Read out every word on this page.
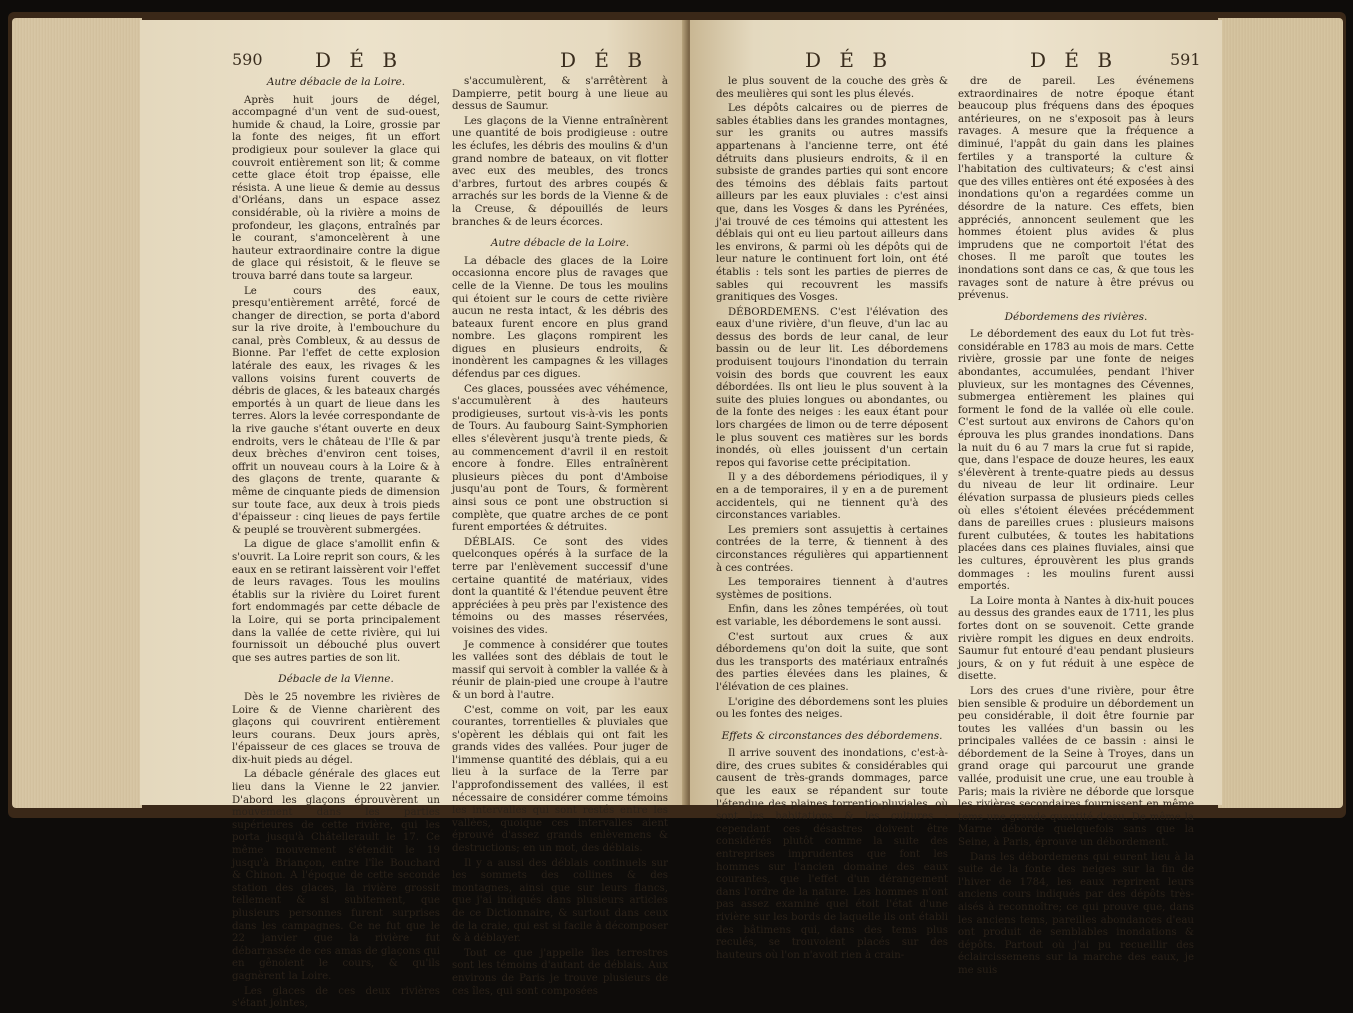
590	D É B	D É B

Autre débacle de la Loire.

Après huit jours de dégel, accompagné d'un vent de sud-ouest, humide & chaud, la Loire, grossie par la fonte des neiges, fit un effort prodigieux pour soulever la glace qui couvroit entièrement son lit; & comme cette glace étoit trop épaisse, elle résista. A une lieue & demie au dessus d'Orléans, dans un espace assez considérable, où la rivière a moins de profondeur, les glaçons, entraînés par le courant, s'amoncelèrent à une hauteur extraordinaire contre la digue de glace qui résistoit, & le fleuve se trouva barré dans toute sa largeur.

Le cours des eaux, presqu'entièrement arrêté, forcé de changer de direction, se porta d'abord sur la rive droite, à l'embouchure du canal, près Combleux, & au dessus de Bionne. Par l'effet de cette explosion latérale des eaux, les rivages & les vallons voisins furent couverts de débris de glaces, & les bateaux chargés emportés à un quart de lieue dans les terres. Alors la levée correspondante de la rive gauche s'étant ouverte en deux endroits, vers le château de l'Ile & par deux brèches d'environ cent toises, offrit un nouveau cours à la Loire & à des glaçons de trente, quarante & même de cinquante pieds de dimension sur toute face, aux deux à trois pieds d'épaisseur : cinq lieues de pays fertile & peuplé se trouvèrent submergées.

La digue de glace s'amollit enfin & s'ouvrit. La Loire reprit son cours, & les eaux en se retirant laissèrent voir l'effet de leurs ravages. Tous les moulins établis sur la rivière du Loiret furent fort endommagés par cette débacle de la Loire, qui se porta principalement dans la vallée de cette rivière, qui lui fournissoit un débouché plus ouvert que ses autres parties de son lit.

Débacle de la Vienne.

Dès le 25 novembre les rivières de Loire & de Vienne charièrent des glaçons qui couvrirent entièrement leurs courans. Deux jours après, l'épaisseur de ces glaces se trouva de dix-huit pieds au dégel.

La débacle générale des glaces eut lieu dans la Vienne le 22 janvier. D'abord les glaçons éprouvèrent un mouvement dans les parties supérieures de cette rivière, qui les porta jusqu'à Châtellerault le 17. Ce même mouvement s'étendit le 19 jusqu'à Briançon, entre l'île Bouchard & Chinon. A l'époque de cette seconde station des glaces, la rivière grossit tellement & si subitement, que plusieurs personnes furent surprises dans les campagnes. Ce ne fut que le 22 janvier que la rivière fut débarrassée de ces amas de glaçons qui en gênoient le cours, & qu'ils gagnèrent la Loire.

Les glaces de ces deux rivières s'étant jointes,

s'accumulèrent, & s'arrêtèrent à Dampierre, petit bourg à une lieue au dessus de Saumur.

Les glaçons de la Vienne entraînèrent une quantité de bois prodigieuse : outre les éclufes, les débris des moulins & d'un grand nombre de bateaux, on vit flotter avec eux des meubles, des troncs d'arbres, furtout des arbres coupés & arrachés sur les bords de la Vienne & de la Creuse, & dépouillés de leurs branches & de leurs écorces.

Autre débacle de la Loire.

La débacle des glaces de la Loire occasionna encore plus de ravages que celle de la Vienne. De tous les moulins qui étoient sur le cours de cette rivière aucun ne resta intact, & les débris des bateaux furent encore en plus grand nombre. Les glaçons rompirent les digues en plusieurs endroits, & inondèrent les campagnes & les villages défendus par ces digues.

Ces glaces, poussées avec véhémence, s'accumulèrent à des hauteurs prodigieuses, surtout vis-à-vis les ponts de Tours. Au faubourg Saint-Symphorien elles s'élevèrent jusqu'à trente pieds, & au commencement d'avril il en restoit encore à fondre. Elles entraînèrent plusieurs pièces du pont d'Amboise jusqu'au pont de Tours, & formèrent ainsi sous ce pont une obstruction si complète, que quatre arches de ce pont furent emportées & détruites.

DÉBLAIS. Ce sont des vides quelconques opérés à la surface de la terre par l'enlèvement successif d'une certaine quantité de matériaux, vides dont la quantité & l'étendue peuvent être appréciées à peu près par l'existence des témoins ou des masses réservées, voisines des vides.

Je commence à considérer que toutes les vallées sont des déblais de tout le massif qui servoit à combler la vallée & à réunir de plain-pied une croupe à l'autre & un bord à l'autre.

C'est, comme on voit, par les eaux courantes, torrentielles & pluviales que s'opèrent les déblais qui ont fait les grands vides des vallées. Pour juger de l'immense quantité des déblais, qui a eu lieu à la surface de la Terre par l'approfondissement des vallées, il est nécessaire de considérer comme témoins les intervalles qui sont restés entre les vallées, quoique ces intervalles aient éprouvé d'assez grands enlèvemens & destructions; en un mot, des déblais.

Il y a aussi des déblais continuels sur les sommets des collines & des montagnes, ainsi que sur leurs flancs, que j'ai indiqués dans plusieurs articles de ce Dictionnaire, & surtout dans ceux de la craie, qui est si facile à décomposer & à déblayer.

Tout ce que j'appelle îles terrestres sont les témoins d'autant de déblais. Aux environs de Paris je trouve plusieurs de ces îles, qui sont composées

D É B	D É B	591

le plus souvent de la couche des grès & des meulières qui sont les plus élevés.

Les dépôts calcaires ou de pierres de sables établies dans les grandes montagnes, sur les granits ou autres massifs appartenans à l'ancienne terre, ont été détruits dans plusieurs endroits, & il en subsiste de grandes parties qui sont encore des témoins des déblais faits partout ailleurs par les eaux pluviales : c'est ainsi que, dans les Vosges & dans les Pyrénées, j'ai trouvé de ces témoins qui attestent les déblais qui ont eu lieu partout ailleurs dans les environs, & parmi où les dépôts qui de leur nature le continuent fort loin, ont été établis : tels sont les parties de pierres de sables qui recouvrent les massifs granitiques des Vosges.

DÉBORDEMENS. C'est l'élévation des eaux d'une rivière, d'un fleuve, d'un lac au dessus des bords de leur canal, de leur bassin ou de leur lit. Les débordemens produisent toujours l'inondation du terrain voisin des bords que couvrent les eaux débordées. Ils ont lieu le plus souvent à la suite des pluies longues ou abondantes, ou de la fonte des neiges : les eaux étant pour lors chargées de limon ou de terre déposent le plus souvent ces matières sur les bords inondés, où elles jouissent d'un certain repos qui favorise cette précipitation.

Il y a des débordemens périodiques, il y en a de temporaires, il y en a de purement accidentels, qui ne tiennent qu'à des circonstances variables.

Les premiers sont assujettis à certaines contrées de la terre, & tiennent à des circonstances régulières qui appartiennent à ces contrées.

Les temporaires tiennent à d'autres systèmes de positions.

Enfin, dans les zônes tempérées, où tout est variable, les débordemens le sont aussi.

C'est surtout aux crues & aux débordemens qu'on doit la suite, que sont dus les transports des matériaux entraînés des parties élevées dans les plaines, & l'élévation de ces plaines.

L'origine des débordemens sont les pluies ou les fontes des neiges.

Effets & circonstances des débordemens.

Il arrive souvent des inondations, c'est-à-dire, des crues subites & considérables qui causent de très-grands dommages, parce que les eaux se répandent sur toute l'étendue des plaines torrentio-pluviales, où sont les habitations & les cultures : cependant ces désastres doivent être considérés plutôt comme la suite des entreprises imprudentes que font les hommes sur l'ancien domaine des eaux courantes, que l'effet d'un dérangement dans l'ordre de la nature. Les hommes n'ont pas assez examiné quel étoit l'état d'une rivière sur les bords de laquelle ils ont établi des bâtimens qui, dans des tems plus reculés, se trouvoient placés sur des hauteurs où l'on n'avoit rien à crain-

dre de pareil. Les événemens extraordinaires de notre époque étant beaucoup plus fréquens dans des époques antérieures, on ne s'exposoit pas à leurs ravages. A mesure que la fréquence a diminué, l'appât du gain dans les plaines fertiles y a transporté la culture & l'habitation des cultivateurs; & c'est ainsi que des villes entières ont été exposées à des inondations qu'on a regardées comme un désordre de la nature. Ces effets, bien appréciés, annoncent seulement que les hommes étoient plus avides & plus imprudens que ne comportoit l'état des choses. Il me paroît que toutes les inondations sont dans ce cas, & que tous les ravages sont de nature à être prévus ou prévenus.

Débordemens des rivières.

Le débordement des eaux du Lot fut très-considérable en 1783 au mois de mars. Cette rivière, grossie par une fonte de neiges abondantes, accumulées, pendant l'hiver pluvieux, sur les montagnes des Cévennes, submergea entièrement les plaines qui forment le fond de la vallée où elle coule. C'est surtout aux environs de Cahors qu'on éprouva les plus grandes inondations. Dans la nuit du 6 au 7 mars la crue fut si rapide, que, dans l'espace de douze heures, les eaux s'élevèrent à trente-quatre pieds au dessus du niveau de leur lit ordinaire. Leur élévation surpassa de plusieurs pieds celles où elles s'étoient élevées précédemment dans de pareilles crues : plusieurs maisons furent culbutées, & toutes les habitations placées dans ces plaines fluviales, ainsi que les cultures, éprouvèrent les plus grands dommages : les moulins furent aussi emportés.

La Loire monta à Nantes à dix-huit pouces au dessus des grandes eaux de 1711, les plus fortes dont on se souvenoit. Cette grande rivière rompit les digues en deux endroits. Saumur fut entouré d'eau pendant plusieurs jours, & on y fut réduit à une espèce de disette.

Lors des crues d'une rivière, pour être bien sensible & produire un débordement un peu considérable, il doit être fournie par toutes les vallées d'un bassin ou les principales vallées de ce bassin : ainsi le débordement de la Seine à Troyes, dans un grand orage qui parcourut une grande vallée, produisit une crue, une eau trouble à Paris; mais la rivière ne déborde que lorsque les rivières secondaires fournissent en même tems une grande quantité d'eau. De même la Marne déborde quelquefois sans que la Seine, à Paris, éprouve un débordement.

Dans les débordemens qui eurent lieu à la suite de la fonte des neiges sur la fin de l'hiver de 1784, les eaux reprirent leurs anciens cours indiqués par des dépôts très-aisés à reconnoître; ce qui prouve que, dans les anciens tems, pareilles abondances d'eau ont produit de semblables inondations & dépôts. Partout où j'ai pu recueillir des éclaircissemens sur la marche des eaux, je me suis
